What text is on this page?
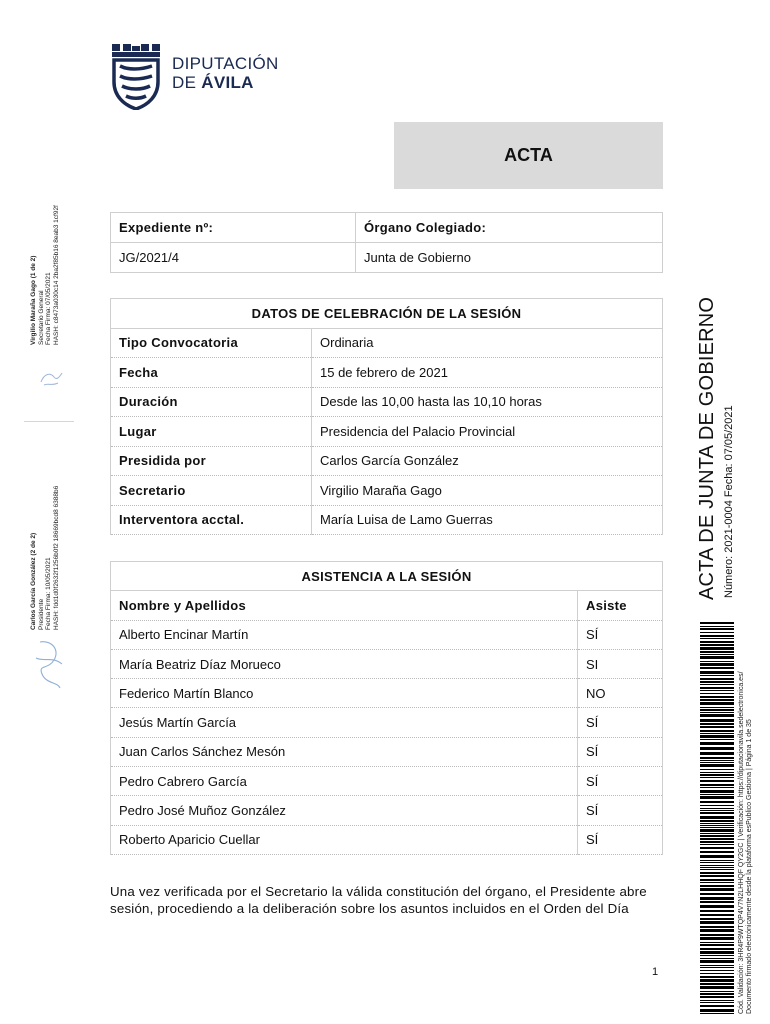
DIPUTACIÓN
DE ÁVILA
ACTA
Expediente nº:	Órgano Colegiado:
JG/2021/4	Junta de Gobierno
DATOS DE CELEBRACIÓN DE LA SESIÓN	
Tipo Convocatoria	Ordinaria
Fecha	15 de febrero de 2021
Duración	Desde las 10,00 hasta las 10,10 horas
Lugar	Presidencia del Palacio Provincial
Presidida por	Carlos García González
Secretario	Virgilio Maraña Gago
Interventora acctal.	María Luisa de Lamo Guerras
ASISTENCIA A LA SESIÓN	
Nombre y Apellidos	Asiste
Alberto Encinar Martín	SÍ
María Beatriz Díaz Morueco	SI
Federico Martín Blanco	NO
Jesús Martín García	SÍ
Juan Carlos Sánchez Mesón	SÍ
Pedro Cabrero García	SÍ
Pedro José Muñoz González	SÍ
Roberto Aparicio Cuellar	SÍ
Una vez verificada por el Secretario la válida constitución del órgano, el Presidente abre sesión, procediendo a la deliberación sobre los asuntos incluidos en el Orden del Día
1
Virgilio Maraña Gago (1 de 2) Secretario General Fecha Firma: 07/05/2021 HASH: c8473a030c14 2ba2f85b16 8eab3 1cf92f
Carlos García González (2 de 2) Presidente Fecha Firma: 10/05/2021 HASH: fdd1d0f2632f1256b0f2 18669bcd8 6388b6	ACTA DE JUNTA DE GOBIERNO Número: 2021-0004 Fecha: 07/05/2021
Cód. Validación: 3HR4P9WTQP4V7N2LHHQF QY2GC | Verificación: https://diputacionavila.sedelectronica.es/ Documento firmado electrónicamente desde la plataforma esPublico Gestiona | Página 1 de 35
